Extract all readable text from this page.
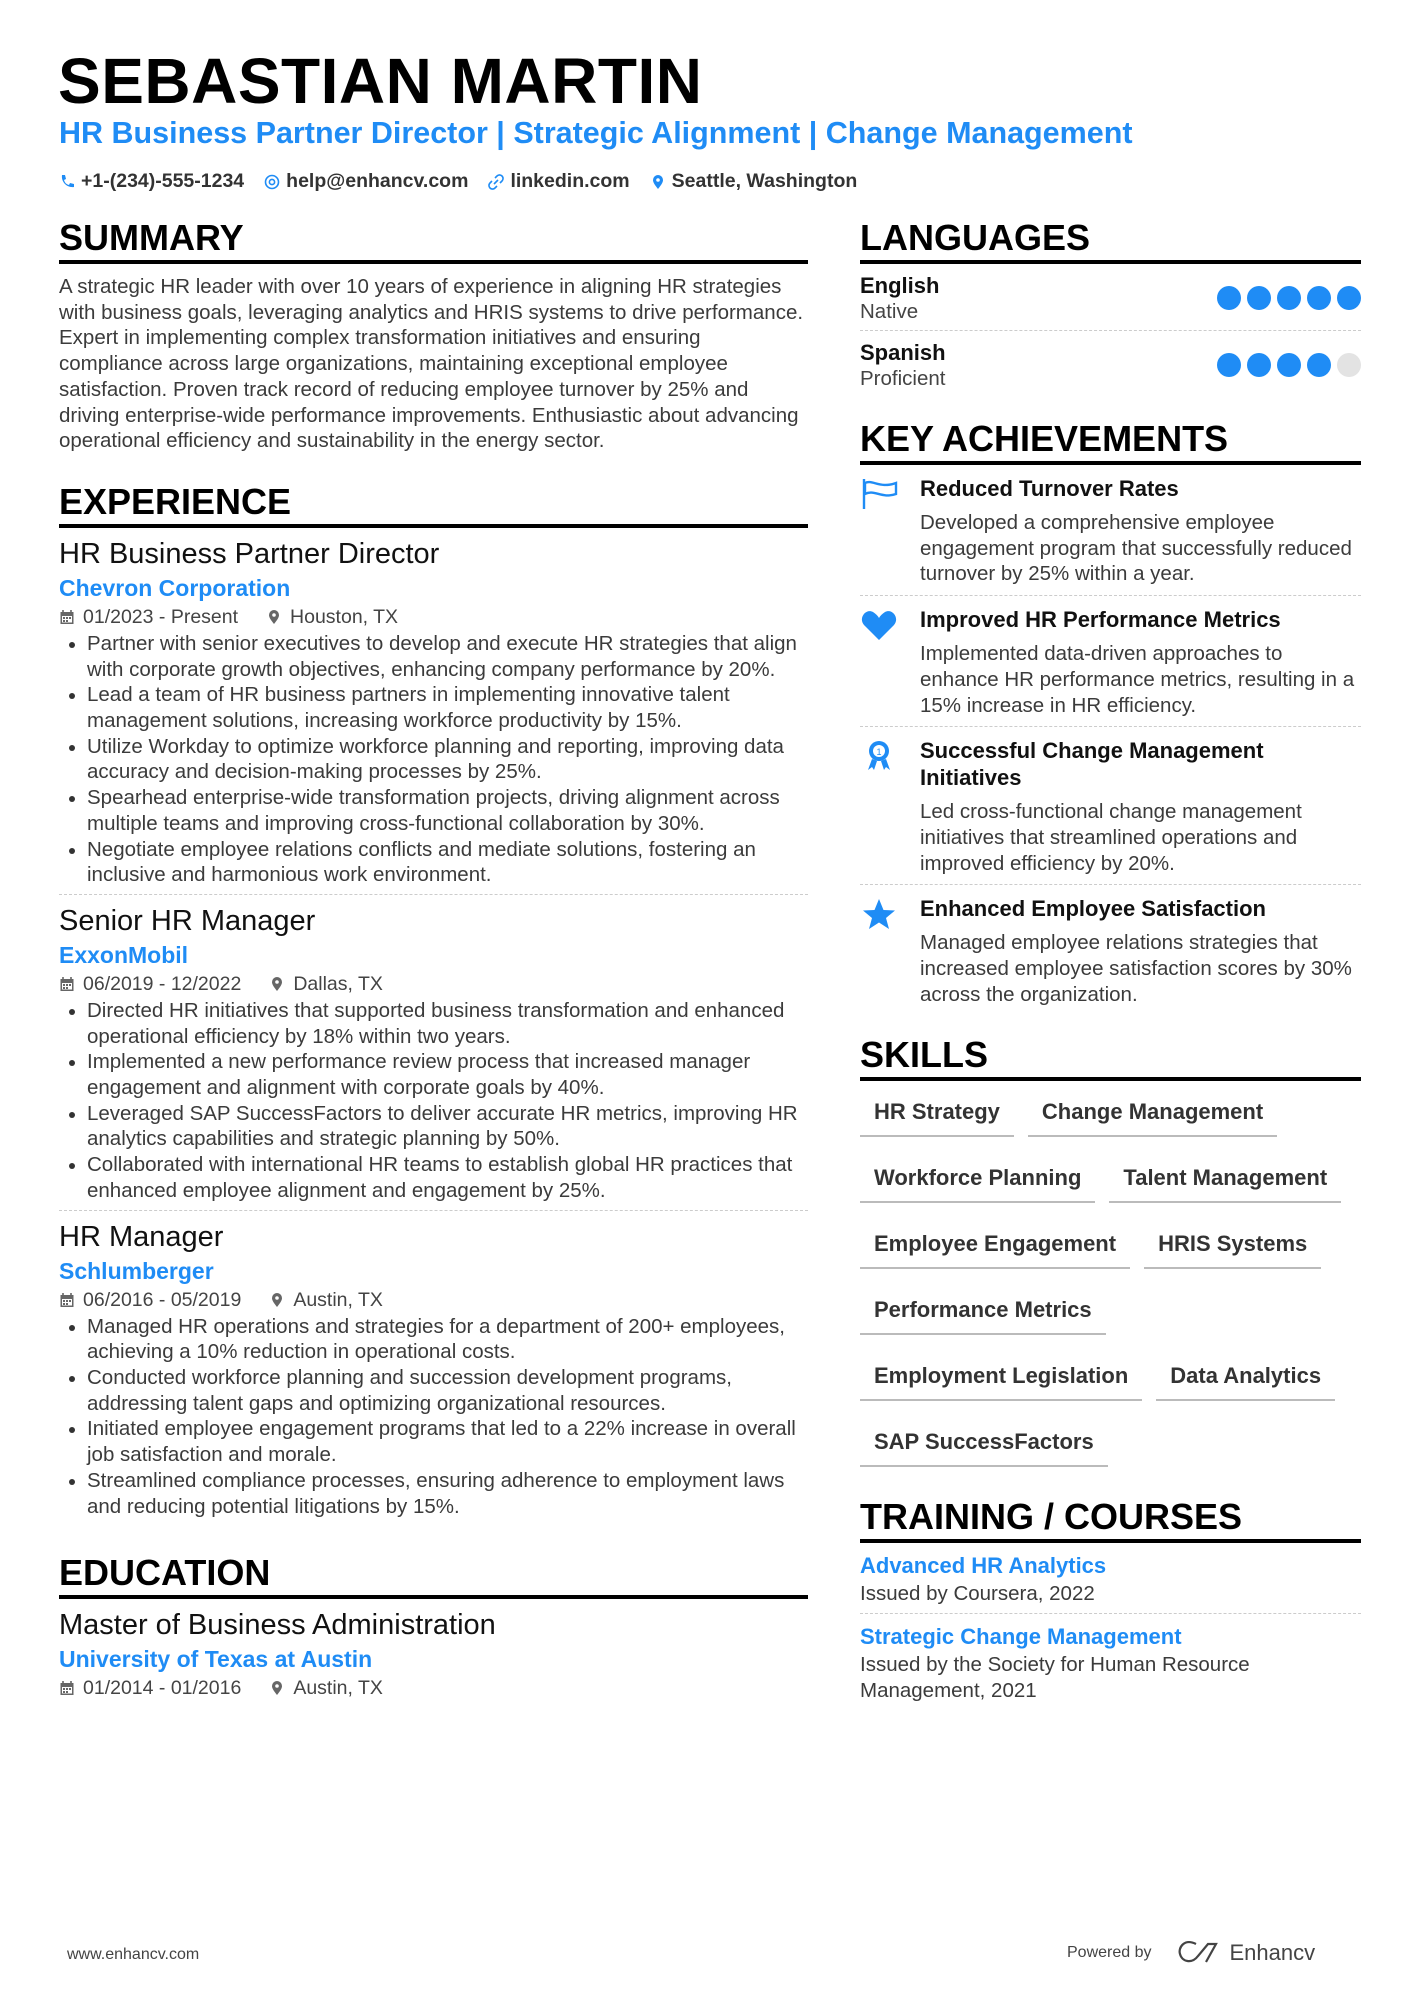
SEBASTIAN MARTIN
HR Business Partner Director | Strategic Alignment | Change Management
+1-(234)-555-1234 help@enhancv.com linkedin.com Seattle, Washington
SUMMARY

A strategic HR leader with over 10 years of experience in aligning HR strategies with business goals, leveraging analytics and HRIS systems to drive performance. Expert in implementing complex transformation initiatives and ensuring compliance across large organizations, maintaining exceptional employee satisfaction. Proven track record of reducing employee turnover by 25% and driving enterprise-wide performance improvements. Enthusiastic about advancing operational efficiency and sustainability in the energy sector.

EXPERIENCE
HR Business Partner Director
Chevron Corporation
01/2023 - Present	Houston, TX
Partner with senior executives to develop and execute HR strategies that align with corporate growth objectives, enhancing company performance by 20%.
Lead a team of HR business partners in implementing innovative talent management solutions, increasing workforce productivity by 15%.
Utilize Workday to optimize workforce planning and reporting, improving data accuracy and decision-making processes by 25%.
Spearhead enterprise-wide transformation projects, driving alignment across multiple teams and improving cross-functional collaboration by 30%.
Negotiate employee relations conflicts and mediate solutions, fostering an inclusive and harmonious work environment.
Senior HR Manager
ExxonMobil
06/2019 - 12/2022	Dallas, TX
Directed HR initiatives that supported business transformation and enhanced operational efficiency by 18% within two years.
Implemented a new performance review process that increased manager engagement and alignment with corporate goals by 40%.
Leveraged SAP SuccessFactors to deliver accurate HR metrics, improving HR analytics capabilities and strategic planning by 50%.
Collaborated with international HR teams to establish global HR practices that enhanced employee alignment and engagement by 25%.
HR Manager
Schlumberger
06/2016 - 05/2019	Austin, TX
Managed HR operations and strategies for a department of 200+ employees, achieving a 10% reduction in operational costs.
Conducted workforce planning and succession development programs, addressing talent gaps and optimizing organizational resources.
Initiated employee engagement programs that led to a 22% increase in overall job satisfaction and morale.
Streamlined compliance processes, ensuring adherence to employment laws and reducing potential litigations by 15%.
EDUCATION
Master of Business Administration
University of Texas at Austin
01/2014 - 01/2016	Austin, TX
LANGUAGES
English
Native
Spanish
Proficient
KEY ACHIEVEMENTS
Reduced Turnover Rates
Developed a comprehensive employee engagement program that successfully reduced turnover by 25% within a year.
Improved HR Performance Metrics
Implemented data-driven approaches to enhance HR performance metrics, resulting in a 15% increase in HR efficiency.
1 Successful Change Management Initiatives
Led cross-functional change management initiatives that streamlined operations and improved efficiency by 20%.
Enhanced Employee Satisfaction
Managed employee relations strategies that increased employee satisfaction scores by 30% across the organization.
SKILLS
HR Strategy	Change Management
Workforce Planning	Talent Management
Employee Engagement	HRIS Systems
Performance Metrics
Employment Legislation	Data Analytics
SAP SuccessFactors
TRAINING / COURSES
Advanced HR Analytics
Issued by Coursera, 2022
Strategic Change Management
Issued by the Society for Human Resource Management, 2021
www.enhancv.com	Powered by	Enhancv
